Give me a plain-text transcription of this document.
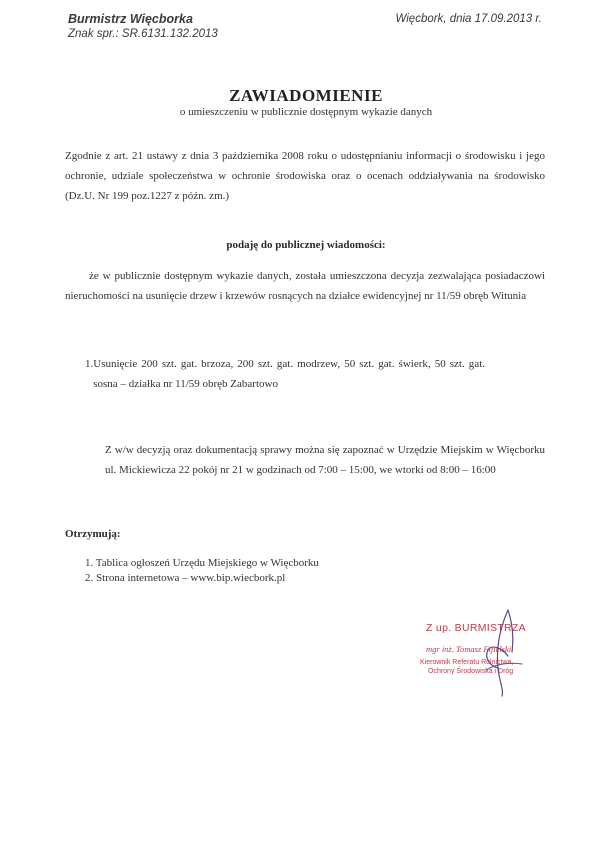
Burmistrz Więcborka
Znak spr.: SR.6131.132.2013
Więcbork, dnia 17.09.2013 r.
ZAWIADOMIENIE
o umieszczeniu w publicznie dostępnym wykazie danych
Zgodnie z art. 21 ustawy z dnia 3 października 2008 roku o udostępnianiu informacji o środowisku i jego ochronie, udziale społeczeństwa w ochronie środowiska oraz o ocenach oddziaływania na środowisko (Dz.U. Nr 199 poz.1227 z późn. zm.)
podaję do publicznej wiadomości:
że w publicznie dostępnym wykazie danych, została umieszczona decyzja zezwalająca posiadaczowi nieruchomości na usunięcie drzew i krzewów rosnących na działce ewidencyjnej nr 11/59 obręb Witunia
1. Usunięcie 200 szt. gat. brzoza, 200 szt. gat. modrzew, 50 szt. gat. świerk, 50 szt. gat. sosna – działka nr 11/59 obręb Zabartowo
Z w/w decyzją oraz dokumentacją sprawy można się zapoznać w Urzędzie Miejskim w Więcborku ul. Mickiewicza 22 pokój nr 21 w godzinach od 7:00 – 15:00, we wtorki od 8:00 – 16:00
Otrzymują:
1. Tablica ogłoszeń Urzędu Miejskiego w Więcborku
2. Strona internetowa – www.bip.wiecbork.pl
Z up. BURMISTRZA
mgr inż. Tomasz Fijielski
Kierownik Referatu Rolnictwa,
Ochrony Środowiska i Dróg
